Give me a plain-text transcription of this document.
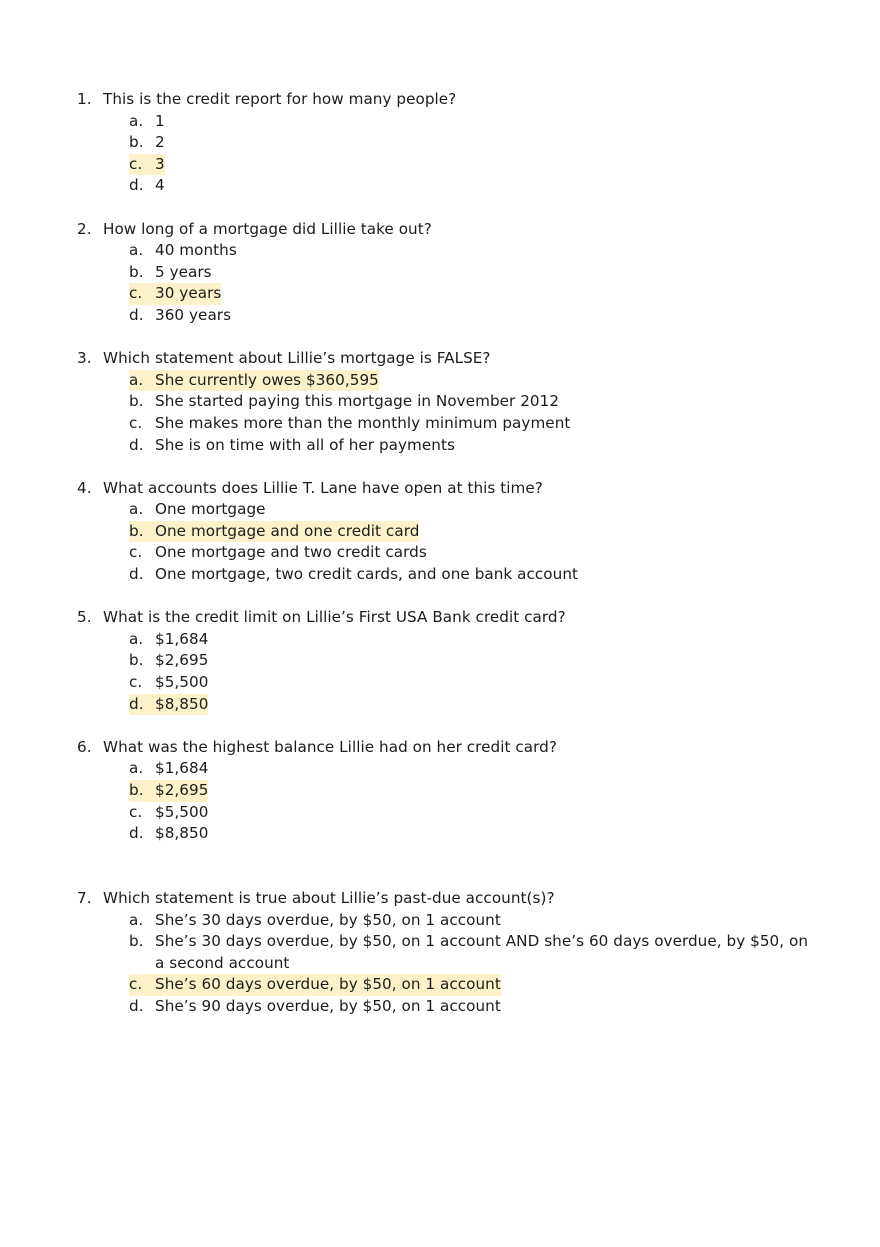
1. This is the credit report for how many people?
a. 1
b. 2
c. 3
d. 4
2. How long of a mortgage did Lillie take out?
a. 40 months
b. 5 years
c. 30 years
d. 360 years
3. Which statement about Lillie’s mortgage is FALSE?
a. She currently owes $360,595
b. She started paying this mortgage in November 2012
c. She makes more than the monthly minimum payment
d. She is on time with all of her payments
4. What accounts does Lillie T. Lane have open at this time?
a. One mortgage
b. One mortgage and one credit card
c. One mortgage and two credit cards
d. One mortgage, two credit cards, and one bank account
5. What is the credit limit on Lillie’s First USA Bank credit card?
a. $1,684
b. $2,695
c. $5,500
d. $8,850
6. What was the highest balance Lillie had on her credit card?
a. $1,684
b. $2,695
c. $5,500
d. $8,850
7. Which statement is true about Lillie’s past-due account(s)?
a. She’s 30 days overdue, by $50, on 1 account
b. She’s 30 days overdue, by $50, on 1 account AND she’s 60 days overdue, by $50, on a second account
c. She’s 60 days overdue, by $50, on 1 account
d. She’s 90 days overdue, by $50, on 1 account
